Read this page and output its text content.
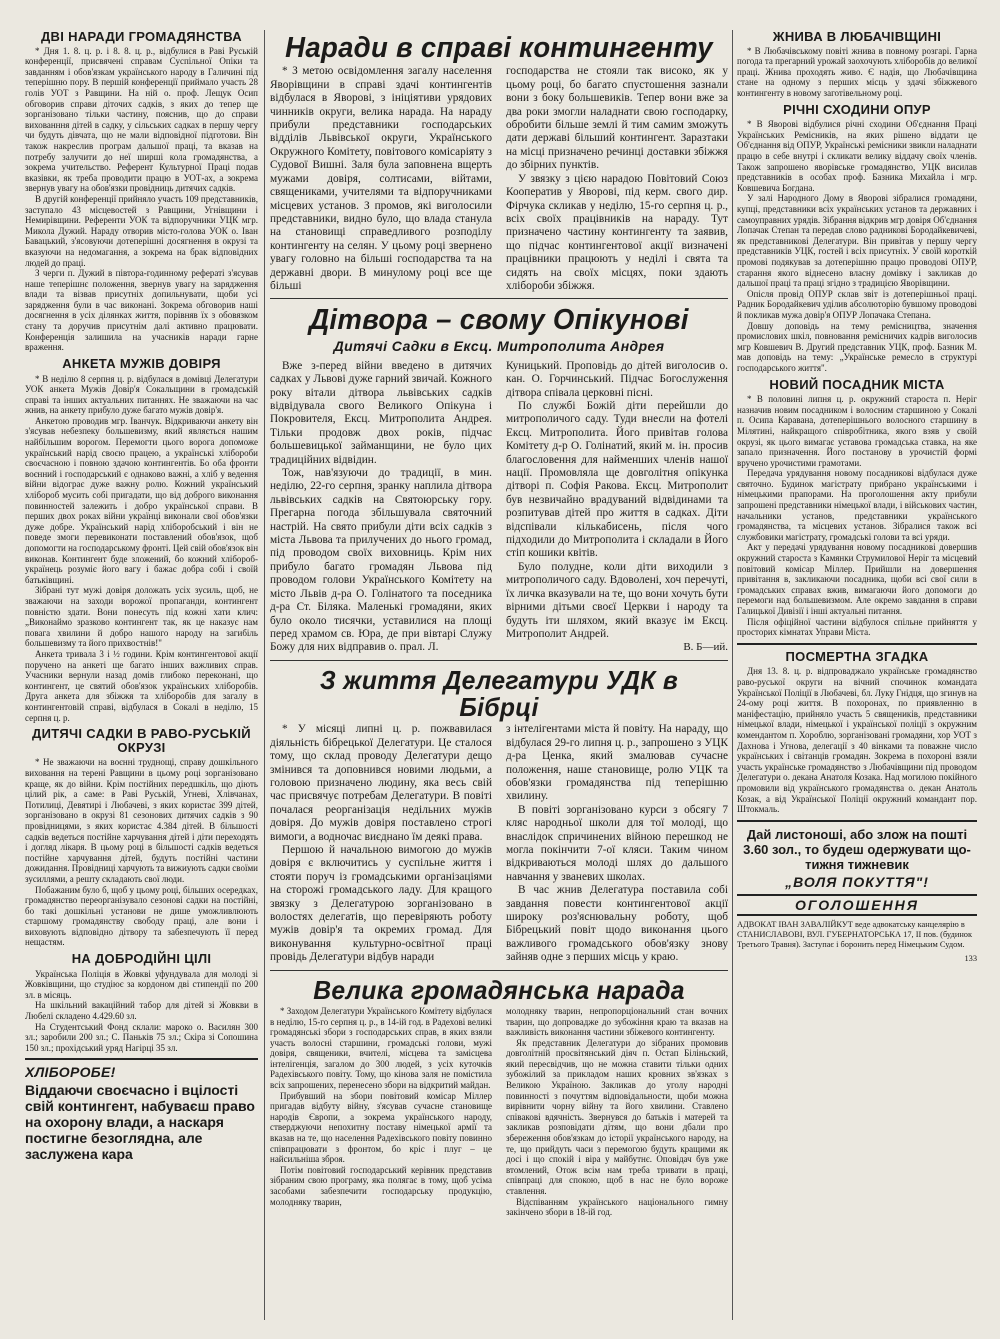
ДВІ НАРАДИ ГРОМАДЯНСТВА

* Дня 1. 8. ц. р. і 8. 8. ц. р., відбулися в Раві Руській конференції, присвячені справам Суспільної Опіки та завданням і обов'язкам українського народу в Галичині під теперішню пору. В першій конференції приймало участь 28 голів УОТ з Равщини. На ній о. проф. Лещук Осип обговорив справи діточих садків, з яких до тепер ще зорганізовано тільки частину, пояснив, що до справи вихованння дітей в садку, у сільських садках в першу чергу чи будуть дівчата, що не мали відповідної підготови. Він також накреслив програм дальшої праці, та вказав на потребу залучити до неї ширші кола громадянства, а зокрема учительство. Референт Культурної Праці подав вказівки, як треба проводити працю в УОТ-ах, а зокрема звернув увагу на обов'язки провідниць дитячих садків.

В другій конференції прийняло участь 109 представників, заступало 43 місцевостей з Равщини, Угнівщини і Немирівщини. Референти УОК та відпоручники УЦК мгр. Микола Дужий. Нараду отворив місто-голова УОК о. Іван Бавацький, з'ясовуючи дотеперішні досягнення в окрузі та вказуючи на недомагання, а зокрема на брак відповідних людей до праці.

З черги п. Дужий в півтора-годинному рефераті з'ясував наше теперішнє положення, звернув увагу на зарядження влади та візвав присутніх допильнувати, щоби усі зарядження були в час виконані. Зокрема обговорив наші досягнення в усіх ділянках життя, порівняв їх з обовязком стану та доручив присутнім далі активно працювати. Конференція залишила на учасників наради гарне враження.

АНКЕТА МУЖІВ ДОВІРЯ

* В неділю 8 серпня ц. р. відбулася в домівці Делегатури УОК анкета Мужів Довір'я Сокальщини в громадській справі та інших актуальних питаннях. Не зважаючи на час жнив, на анкету прибуло дуже багато мужів довір'я.

Анкетою проводив мгр. Іванчук. Відкриваючи анкету він з'ясував небезпеку большевизму, який являється нашим найбільшим ворогом. Перемогти цього ворога допоможе український нарід своєю працею, а українські хлібороби своєчасною і повною здачою контингентів. Бо оба фронти воєнний і господарський є однаково важні, а хліб у ведення війни відограє дуже важну ролю. Кожний український хлібороб мусить собі пригадати, що від доброго виконання повинностей залежить і добро української справи. В перших двох роках війни українці виконали свої обов'язки дуже добре. Український нарід хліборобський і він не поведе змоги перевиконати поставлений обов'язок, щоб допомогти на господарському фронті. Цей свій обов'язок він виконав. Контингент буде зложений, бо кожний хлібороб-українець розуміє його вагу і бажає добра собі і своїй батьківщині.

Зібрані тут мужі довіря доложать усіх зусиль, щоб, не зважаючи на заходи ворожої пропаганди, контингент повністю здати. Вони понесуть під кожні хати клич: „Виконаймо зразково контингент так, як це наказує нам повага хвилини й добро нашого народу на загибіль большевизму та його прихвостнів!"

Анкета тривала 3 і ½ години. Крім контингентової акції поручено на анкеті ще багато інших важливих справ. Учасники вернули назад домів глибоко переконані, що контингент, це святий обов'язок українських хліборобів. Друга анкета для збіжжя та хліборобів для загалу в контингентовій справі, відбулася в Сокалі в неділю, 15 серпня ц. р.

ДИТЯЧІ САДКИ В РАВО-РУСЬКІЙ ОКРУЗІ

* Не зважаючи на воєнні труднощі, справу дошкільного виховання на терені Равщини в цьому році зорганізовано краще, як до війни. Крім постійних передшкіль, що діють цілий рік, а саме: в Раві Руській, Угневі, Хлівчанах, Потилиці, Девятирі і Любачеві, з яких користає 399 дітей, зорганізовано в окрузі 81 сезонових дитячих садків з 90 провідницями, з яких користає 4.384 дітей. В більшості садків ведеться постійне харчування дітей і діти переходять і догляд лікаря. В цьому році в більшості садків ведеться постійне харчування дітей, будуть постійні частини дожидання. Провідниці харчують та вижиують садки своїми зусиллями, а решту складають свої люди.

Побажаним було б, щоб у цьому році, більших осередках, громадянство переорганізувало сезонові садки на постійні, бо такі дошкільні установи не дише уможливлюють старшому громадянству свободу праці, але вони і виховують відповідно дітвору та забезпечують її перед нещастям.

НА ДОБРОДІЙНІ ЦІЛІ

Українська Поліція в Жовкві уфундувала для молоді зі Жовківщини, що студіює за кордоном дві стипендії по 200 зл. в місяць.

На шкільний вакаційний табор для дітей зі Жовкви в Любелі складено 4.429.60 зл.

На Студентський Фонд склали: мароко о. Василян 300 зл.; заробили 200 зл.; С. Паньків 75 зл.; Скіра зі Сопошина 150 зл.; прохідський уряд Нагірці 35 зл.

ХЛІБОРОБЕ!

Віддаючи своєчасно і вцілості свій контингент, набуваєш право на охорону влади, а наскаря постигне безоглядна, але заслужена кара

Наради в справі контингенту

* З метою освідомлення загалу населення Яворівщини в справі здачі контингентів відбулася в Яворові, з ініціятиви урядових чинників округи, велика нарада. На нараду прибули представники господарських відділів Львівської округи, Українського Окружного Комітету, повітового комісаріяту з Судової Вишні. Заля була заповнена вщерть мужами довіря, солтисами, війтами, священиками, учителями та відпоручниками місцевих установ. З промов, які виголосили представники, видно було, що влада станула на становищі справедливого розподілу контингенту на селян. У цьому році звернено увагу головно на більші господарства та на державні двори. В минулому році все ще більші

господарства не стояли так високо, як у цьому році, бо багато спустошення зазнали вони з боку большевиків. Тепер вони вже за два роки змогли наладнати свою господарку, обробити більше землі й тим самим зможуть дати державі більший контингент. Заразтаки на місці призначено речинці доставки збіжжя до збірних пунктів.

У звязку з цією нарадою Повітовий Союз Кооператив у Яворові, під керм. свого дир. Фірчука скликав у неділю, 15-го серпня ц. р., всіх своїх працівників на нараду. Тут призначено частину контингенту та заявив, що підчас контингентової акції визначені працівники працюють у неділі і свята та сидять на своїх місцях, поки здають хлібороби збіжжя.

Дітвора – свому Опікунові

Дитячі Садки в Ексц. Митрополита Андрея

Вже з-перед війни введено в дитячих садках у Львові дуже гарний звичай. Кожного року вітали дітвора львівських садків відвідувала свого Великого Опікуна і Покровителя, Ексц. Митрополита Андрея. Тільки продовж двох років, підчас большевицької займанщини, не було цих традиційних відвідин.

Тож, нав'язуючи до традиції, в мин. неділю, 22-го серпня, зранку наплила дітвора львівських садків на Святоюрську гору. Прегарна погода збільшувала святочний настрій. На свято прибули діти всіх садків з міста Львова та прилучених до нього громад, під проводом своїх виховниць. Крім них прибуло багато громадян Львова під проводом голови Українського Комітету на місто Львів д-ра О. Голінатого та поседника д-ра Ст. Біляка. Маленькі громадяни, яких було около тисячки, уставилися на площі перед храмом св. Юра, де при вівтарі Служу Божу для них відправив о. прал. Л.

Куницький. Проповідь до дітей виголосив о. кан. О. Горчинський. Підчас Богослуження дітвора співала церковні пісні.

По службі Божій діти перейшли до митрополичого саду. Туди внесли на фотелі Ексц. Митрополита. Його привітав голова Комітету д-р О. Голінатий, який м. ін. просив благословення для найменших членів нашої нації. Промовляла ще довголітня опікунка дітворі п. Софія Ракова. Ексц. Митрополит був незвичайно врадуваний відвідинами та розпитував дітей про життя в садках. Діти відспівали кількабисень, після чого підходили до Митрополита і складали в Його стіп кошики квітів.

Було полудне, коли діти виходили з митрополичого саду. Вдоволені, хоч перечуті, їх личка вказували на те, що вони хочуть бути вірними дітьми своєї Церкви і народу та будуть іти шляхом, який вказує ім Ексц. Митрополит Андрей.

В. Б—ий.

З життя Делегатури УДК в Бібрці

* У місяці липні ц. р. пожвавилася діяльність бібрецької Делегатури. Це сталося тому, що склад проводу Делегатури дещо змінився та доповнився новими людьми, а головою призначено людину, яка весь свій час присвячує потребам Делегатури. В повіті почалася реорганізація недільних мужів довіря. До мужів довіря поставлено строгі вимоги, а водночас виєднано їм деякі права.

Першою й начальною вимогою до мужів довіря є включитись у суспільне життя і стояти поруч із громадськими організаціями на сторожі громадського ладу. Для кращого звязку з Делегатурою зорганізовано в волостях делегатів, що перевіряють роботу мужів довір'я та окремих громад. Для виконування культурно-освітної праці провідь Делегатури відбув наради

з інтелігентами міста й повіту. На нараду, що відбулася 29-го липня ц. р., запрошено з УЦК д-ра Ценка, який змалював сучасне положення, наше становище, ролю УЦК та обов'язки громадянства під теперішню хвилину.

В повіті зорганізовано курси з обсягу 7 кляс народньої школи для тої молоді, що внаслідок спричинених війною перешкод не могла покінчити 7-ої кляси. Таким чином відкриваються молоді шлях до дальшого навчання у званевих школах.

В час жнив Делегатура поставила собі завдання повести контингентової акції широку роз'яснювальну роботу, щоб Бібрецький повіт щодо виконання цього важливого громадського обов'язку знову зайняв одне з перших місць у краю.

Велика громадянська нарада

* Заходом Делегатури Українського Комітету відбулася в неділю, 15-го серпня ц. р., в 14-ій год. в Радехові великі громадянські збори з господарських справ, в яких взяли участь волосні старшини, громадські голови, мужі довіря, священики, вчителі, місцева та замісцева інтелігенція, загалом до 300 людей, з усіх куточків Радехівського повіту. Тому, що кінова заля не помістила всіх запрошених, перенесено збори на відкритий майдан.

Прибувший на збори повітовий комісар Міллер пригадав відбуту війну, з'ясував сучасне становище народів Європи, а зокрема українського народу, стверджуючи непохитну поставу німецької армії та вказав на те, що населення Радехівського повіту повинно співпрацювати з фронтом, бо кріс і плуг – це найсильніша зброя.

Потім повітовий господарський керівник представив зібраним свою програму, яка полягає в тому, щоб усіма засобами забезпечити господарську продукцію, молодняку тварин,

молодняку тварин, непропорціональний стан вочних тварин, що допровадже до зубожіння краю та вказав на важливість виконання частини збіжевого контингенту.

Як представник Делегатури до зібраних промовив довголітній просвітянський діяч п. Остап Біліньский, який пересвідчив, що не можна ставити тільки одних зубожілий за прикладом наших кровних зв'язках з Великою Україною. Закликав до уголу народні повинності з почуттям відповідальности, щоби можна вирівнити чорну війну та його хвилини. Ставлено співакові вдячність. Звернувся до батьків і матерей та закликав розповідати дітям, що вони дбали про збереження обов'язкам до історії українського народу, на те, що прийдуть часи з перемогою будуть кращими як досі і що спокій і віра у майбутнє. Оповідач був уже втомлений, Отож всім нам треба тривати в праці, співпраці для спокою, щоб в нас не було вороже ставлення.

Відспіванням українського національного гимну закінчено збори в 18-ій год.

ЖНИВА В ЛЮБАЧІВЩИНІ

* В Любачівському повіті жнива в повному розгарі. Гарна погода та прегарний урожай заохочують хліборобів до великої праці. Жнива проходять живо. Є надія, що Любачівщина стане на одному з перших місць у здачі збіжжевого контингенту в новому заготівельному році.

РІЧНІ СХОДИНИ ОПУР

* В Яворові відбулися річні сходини Об'єднання Праці Українських Ремісників, на яких рішено віддати це Об'єднання від ОПУР, Українські ремісники звикли наладнати працю в себе внутрі і скликати велику віддачу своїх членів. Також запрошено яворівське громадянство, УЦК висилав представників в особах проф. Базника Михайла і мгр. Ковшевича Богдана.

У залі Народного Дому в Яворові зібралися громадяни, купці, представники всіх українських установ та державних і самоуправних урядів. Зібрання відкрив мгр довіря Об'єднання Лопачак Степан та передав слово радникові Бородайкевичеві, як представникові Делегатури. Він привітав у першу чергу представників УЦК, гостей і всіх присутніх. У своїй короткій промові подякував за дотеперішню працю проводові ОПУР, старання якого віднесено власну домівку і закликав до дальшої праці та праці згідно з традицією Яворівщини.

Опісля провід ОПУР склав звіт із дотеперішньої праці. Радник Бородайкевич уділив абсолюторію бувшому проводові й покликав мужа довір'я ОПУР Лопачака Степана.

Довшу доповідь на тему ремісництва, значення промислових шкіл, повновання ремісничих кадрів виголосив мгр Ковшевич В. Другий представник УЦК, проф. Базник М. мав доповідь на тему: „Українське ремесло в структурі господарського життя".

НОВИЙ ПОСАДНИК МІСТА

* В половині липня ц. р. окружний староста п. Неріг назначив новим посадником і волосним старшиною у Сокалі п. Осипа Каравана, дотеперішнього волосного старшину в Мілятині, найкращого співробітника, якого взяв у своїй окрузі, як цього вимагає уставова громадська ставка, на яке запало призначення. Його постанову в урочистій формі вручено урочистими грамотами.

Передача урядування новому посадникові відбулася дуже святочно. Будинок магістрату прибрано українськими і німецькими прапорами. На проголошення акту прибули запрошені представники німецької влади, і військових частин, начальники установ, представники українського громадянства, та місцевих установ. Зібралися також всі службовики магістрату, громадські голови та всі уряди.

Акт у передачі урядування новому посадникові довершив окружний староста з Камянки Струмилової Неріг та місцевий повітовий комісар Міллер. Прийшли на довершення привітання в, закликаючи посадника, щоби всі свої сили в громадських справах вжив, вимагаючи його допомоги до перемоги над большевизмом. Але окремо завдання в справи Галицької Дивізії і інші актуальні питання.

Після офіційної частини відбулося спільне прийняття у просторих кімнатах Управи Міста.

ПОСМЕРТНА ЗГАДКА

Дня 13. 8. ц. р. відпроваджало українське громадянство раво-руської округи на вічний спочинок командата Української Поліції в Любачеві, бл. Луку Гнідця, що згинув на 24-ому році життя. В похоронах, по приявленню в маніфестацію, прийняло участь 5 священиків, представники німецької влади, німецької і української поліції з окружним комендантом п. Хороблю, зорганізовані громадяни, хор УОТ з Дахнова і Угнова, делегації з 40 вінками та поважне число українських і світанців громадян. Зокрема в похороні взяли участь українське громадянство з Любачівщини під проводом Делегатури о. декана Анатоля Козака. Над могилою покійного промовили від українського громадянства о. декан Анатоль Козак, а від Української Поліції окружний командант пор. Штокмаль.

Дай листоноші, або злож на пошті

3.60 зол., то будеш одержувати що-

тижня тижневик

„ВОЛЯ ПОКУТТЯ"!

ОГОЛОШЕННЯ

АДВОКАТ ІВАН ЗАВАЛІЙКУТ веде адвокатську канцелярію в СТАНИСЛАВОВІ, ВУЛ. ГУБЕРНАТОРСЬКА 17, II пов. (будинок Третього Травня). Заступає і боронить перед Німецьким Судом.

133
